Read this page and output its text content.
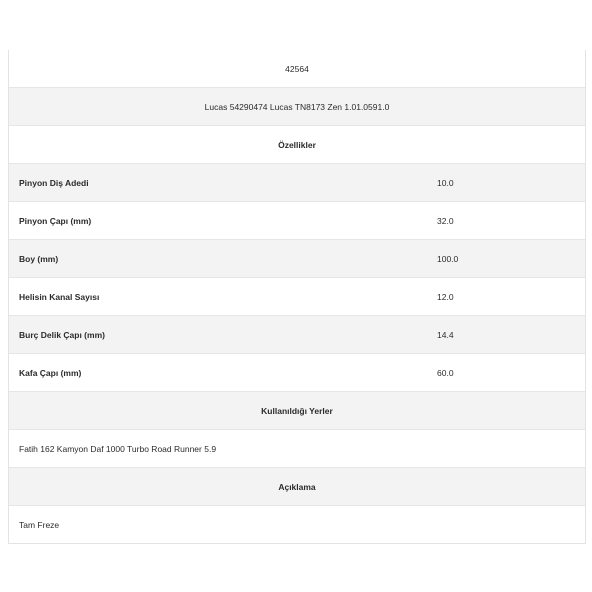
42564
Lucas 54290474 Lucas TN8173 Zen 1.01.0591.0
Özellikler
Pinyon Diş Adedi	10.0
Pinyon Çapı (mm)	32.0
Boy (mm)	100.0
Helisin Kanal Sayısı	12.0
Burç Delik Çapı (mm)	14.4
Kafa Çapı (mm)	60.0
Kullanıldığı Yerler
Fatih 162 Kamyon Daf 1000 Turbo Road Runner 5.9
Açıklama
Tam Freze
